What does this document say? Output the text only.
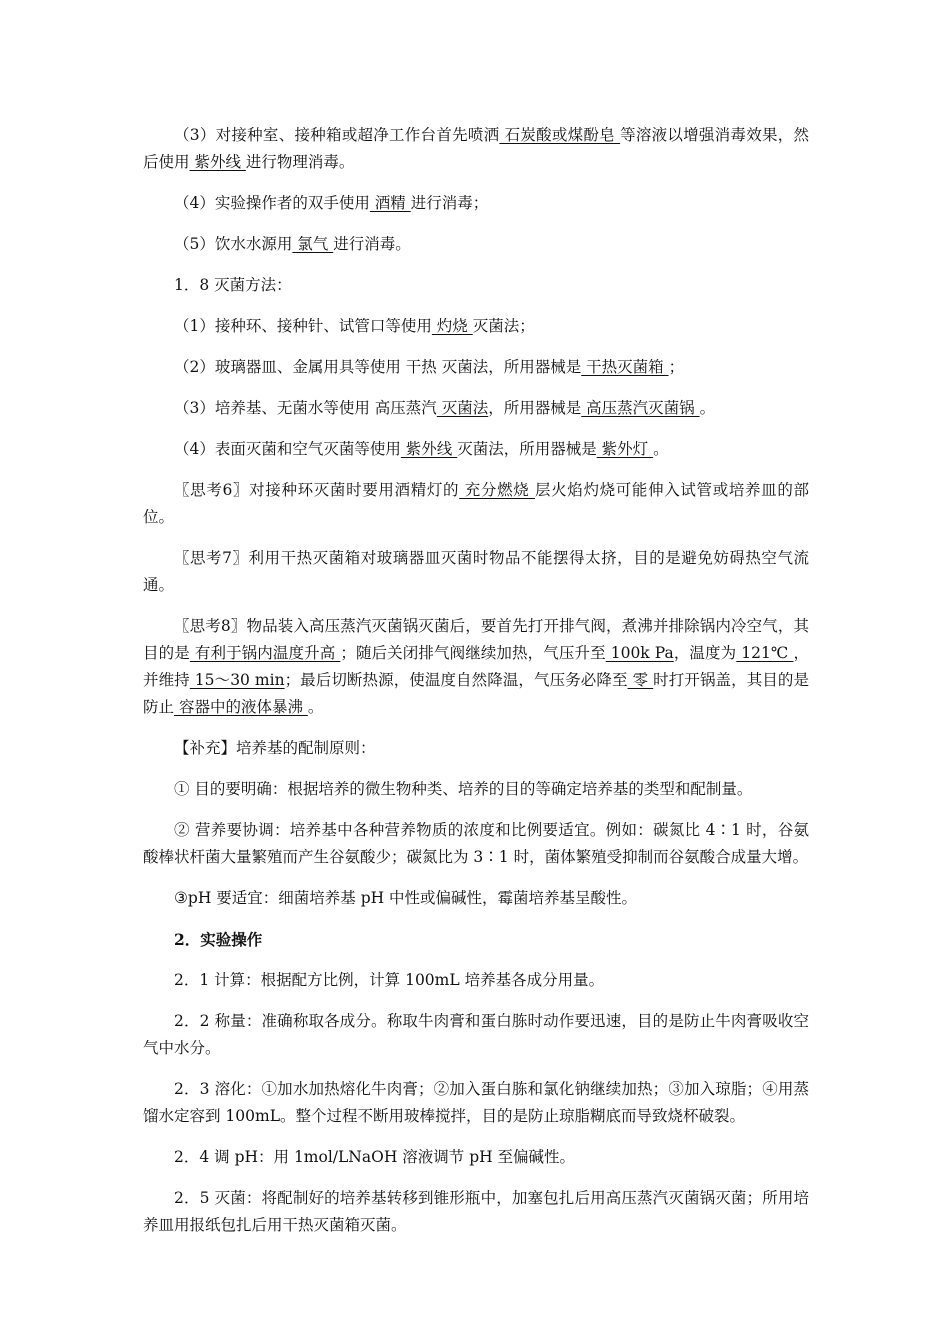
（3）对接种室、接种箱或超净工作台首先喷洒 石炭酸或煤酚皂 等溶液以增强消毒效果，然后使用 紫外线 进行物理消毒。

（4）实验操作者的双手使用 酒精 进行消毒；

（5）饮水水源用 氯气 进行消毒。

1．8 灭菌方法：

（1）接种环、接种针、试管口等使用 灼烧 灭菌法；

（2）玻璃器皿、金属用具等使用 干热 灭菌法，所用器械是 干热灭菌箱 ；

（3）培养基、无菌水等使用 高压蒸汽 灭菌法，所用器械是 高压蒸汽灭菌锅 。

（4）表面灭菌和空气灭菌等使用 紫外线 灭菌法，所用器械是 紫外灯 。

〖思考6〗对接种环灭菌时要用酒精灯的 充分燃烧 层火焰灼烧可能伸入试管或培养皿的部位。

〖思考7〗利用干热灭菌箱对玻璃器皿灭菌时物品不能摆得太挤，目的是避免妨碍热空气流通。

〖思考8〗物品装入高压蒸汽灭菌锅灭菌后，要首先打开排气阀，煮沸并排除锅内冷空气，其目的是 有利于锅内温度升高 ；随后关闭排气阀继续加热，气压升至 100k Pa，温度为 121℃ ，并维持 15～30 min；最后切断热源，使温度自然降温，气压务必降至 零 时打开锅盖，其目的是防止 容器中的液体暴沸 。

【补充】培养基的配制原则：

① 目的要明确：根据培养的微生物种类、培养的目的等确定培养基的类型和配制量。

② 营养要协调：培养基中各种营养物质的浓度和比例要适宜。例如：碳氮比 4∶1 时，谷氨酸棒状杆菌大量繁殖而产生谷氨酸少；碳氮比为 3∶1 时，菌体繁殖受抑制而谷氨酸合成量大增。

③pH 要适宜：细菌培养基 pH 中性或偏碱性，霉菌培养基呈酸性。

2．实验操作

2．1 计算：根据配方比例，计算 100mL 培养基各成分用量。

2．2 称量：准确称取各成分。称取牛肉膏和蛋白胨时动作要迅速，目的是防止牛肉膏吸收空气中水分。

2．3 溶化：①加水加热熔化牛肉膏；②加入蛋白胨和氯化钠继续加热；③加入琼脂；④用蒸馏水定容到 100mL。整个过程不断用玻棒搅拌，目的是防止琼脂糊底而导致烧杯破裂。

2．4 调 pH：用 1mol/LNaOH 溶液调节 pH 至偏碱性。

2．5 灭菌：将配制好的培养基转移到锥形瓶中，加塞包扎后用高压蒸汽灭菌锅灭菌；所用培养皿用报纸包扎后用干热灭菌箱灭菌。
